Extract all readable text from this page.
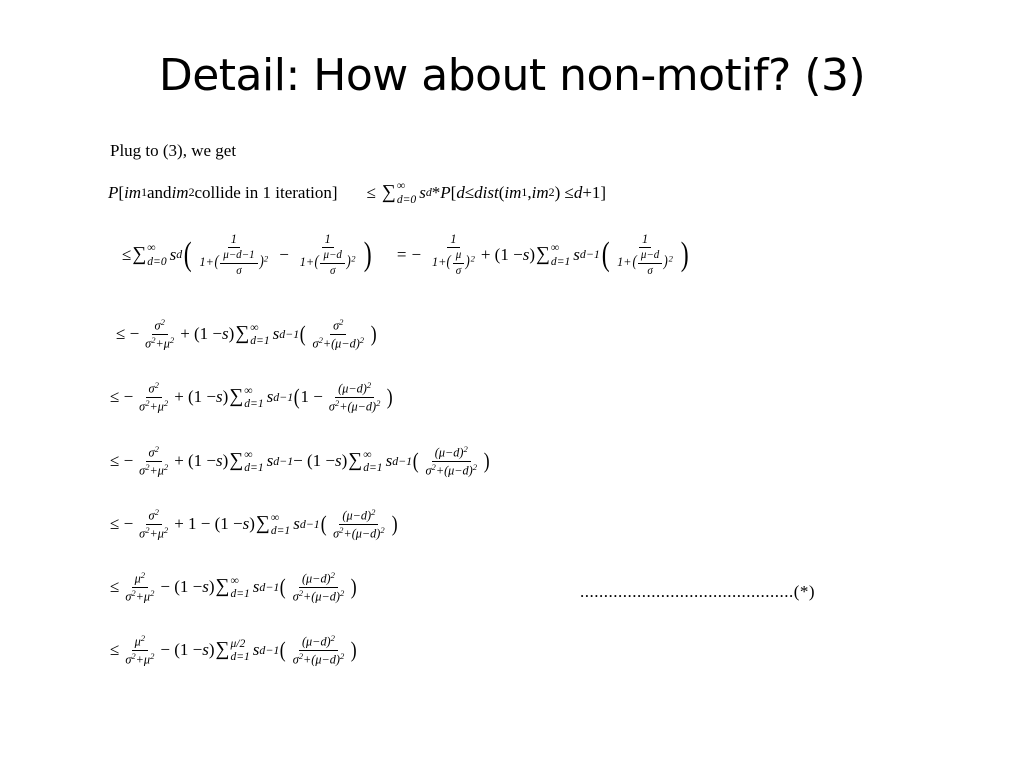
Detail: How about non-motif? (3)
Plug to (3), we get
P [ im 1 and im 2 collide in 1 iteration] ≤ ∑ ∞
d=0 s d * P [ d ≤ dist ( im 1 , im 2 ) ≤ d +1]
≤ ∑ ∞
d=0 s d ( $\frac{1}{1+( \frac{\mu-d-1}{\sigma} )^2} - \frac{1}{1+( \frac{\mu-d}{\sigma} )^2}$ ) = − $\frac{1}{1+( \frac{\mu}{\sigma} )^2} + (1 - s$ ) ∑ ∞
d=1 s d−1 ( $\frac{1}{1+( \frac{\mu-d}{\sigma} )^2}$ )
≤ − $\frac{\sigma^2}{\sigma^2+\mu^2} + (1 - s$ ) ∑ ∞
d=1 s d−1 ( $\frac{\sigma^2}{\sigma^2+(\mu-d)^2}$ )
≤ − $\frac{\sigma^2}{\sigma^2+\mu^2} + (1 - s$ ) ∑ ∞
d=1 s d−1 ( $1 - \frac{(\mu-d)^2}{\sigma^2+(\mu-d)^2}$ )
≤ − $\frac{\sigma^2}{\sigma^2+\mu^2} + (1 - s$ ) ∑ ∞
d=1 s d−1 − (1 − s ) ∑ ∞
d=1 s d−1 ( $\frac{(\mu-d)^2}{\sigma^2+(\mu-d)^2}$ )
≤ − $\frac{\sigma^2}{\sigma^2+\mu^2} + 1 - (1 - s$ ) ∑ ∞
d=1 s d−1 ( $\frac{(\mu-d)^2}{\sigma^2+(\mu-d)^2}$ )
≤ $\frac{\mu^2}{\sigma^2+\mu^2} - (1 - s$ ) ∑ ∞
d=1 s d−1 ( $\frac{(\mu-d)^2}{\sigma^2+(\mu-d)^2}$ )	.............................................(*)
≤ $\frac{\mu^2}{\sigma^2+\mu^2} - (1 - s$ ) ∑ μ/2
d=1 s d−1 ( $\frac{(\mu-d)^2}{\sigma^2+(\mu-d)^2}$ )
